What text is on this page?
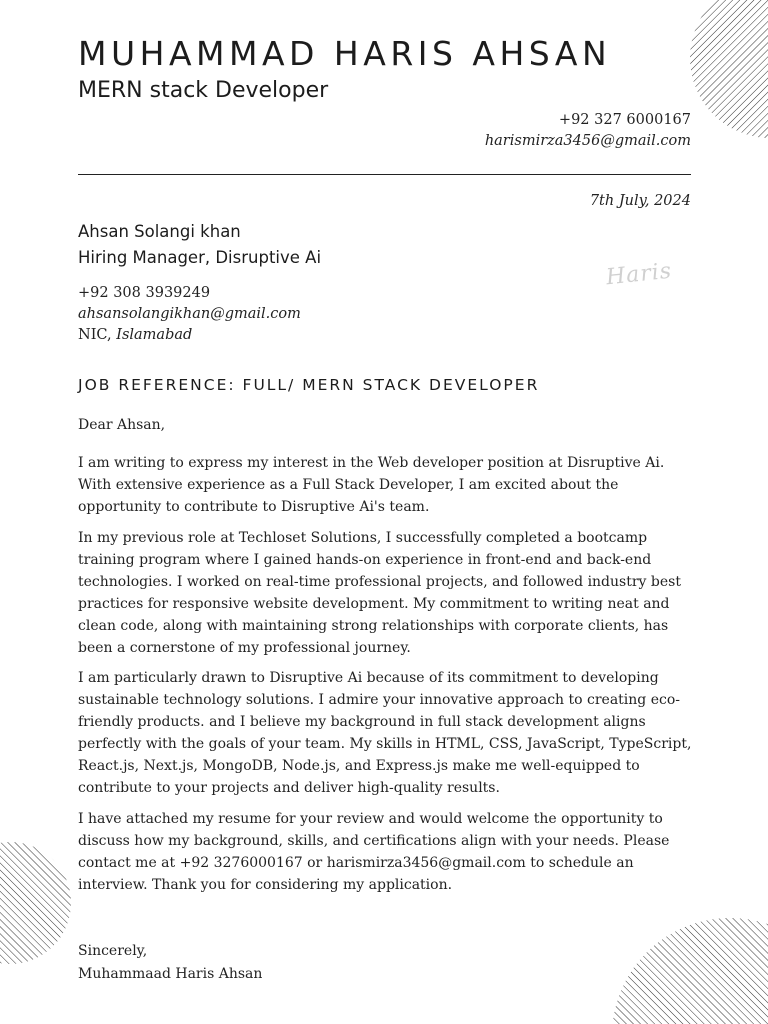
MUHAMMAD HARIS AHSAN
MERN stack Developer
+92 327 6000167
harismirza3456@gmail.com
7th July, 2024
Ahsan Solangi khan
Hiring Manager, Disruptive Ai
+92 308 3939249
ahsansolangikhan@gmail.com
NIC, Islamabad
Haris
JOB REFERENCE: FULL/ MERN STACK DEVELOPER

Dear Ahsan,

I am writing to express my interest in the Web developer position at Disruptive Ai. With extensive experience as a Full Stack Developer, I am excited about the opportunity to contribute to Disruptive Ai's team.

In my previous role at Techloset Solutions, I successfully completed a bootcamp training program where I gained hands-on experience in front-end and back-end technologies. I worked on real-time professional projects, and followed industry best practices for responsive website development. My commitment to writing neat and clean code, along with maintaining strong relationships with corporate clients, has been a cornerstone of my professional journey.

I am particularly drawn to Disruptive Ai because of its commitment to developing sustainable technology solutions. I admire your innovative approach to creating eco-friendly products. and I believe my background in full stack development aligns perfectly with the goals of your team. My skills in HTML, CSS, JavaScript, TypeScript, React.js, Next.js, MongoDB, Node.js, and Express.js make me well-equipped to contribute to your projects and deliver high-quality results.

I have attached my resume for your review and would welcome the opportunity to discuss how my background, skills, and certifications align with your needs. Please contact me at +92 3276000167 or harismirza3456@gmail.com to schedule an interview. Thank you for considering my application.

Sincerely,
Muhammaad Haris Ahsan
